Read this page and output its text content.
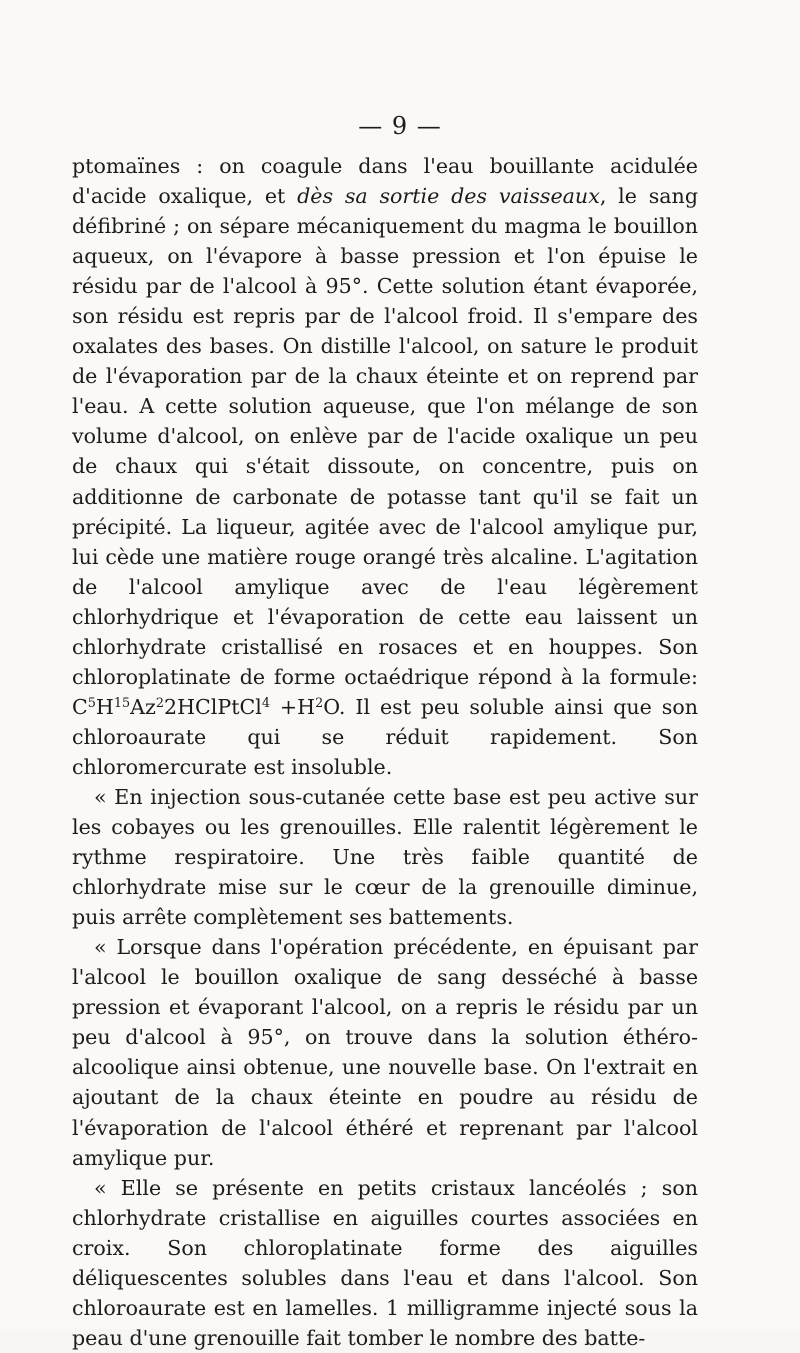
— 9 —

ptomaïnes : on coagule dans l'eau bouillante acidulée d'acide oxalique, et dès sa sortie des vaisseaux, le sang défibriné ; on sépare mécaniquement du magma le bouillon aqueux, on l'évapore à basse pression et l'on épuise le résidu par de l'alcool à 95°. Cette solution étant évaporée, son résidu est repris par de l'alcool froid. Il s'empare des oxalates des bases. On distille l'alcool, on sature le produit de l'évaporation par de la chaux éteinte et on reprend par l'eau. A cette solution aqueuse, que l'on mélange de son volume d'alcool, on enlève par de l'acide oxalique un peu de chaux qui s'était dissoute, on concentre, puis on additionne de carbonate de potasse tant qu'il se fait un précipité. La liqueur, agitée avec de l'alcool amylique pur, lui cède une matière rouge orangé très alcaline. L'agitation de l'alcool amylique avec de l'eau légèrement chlorhydrique et l'évaporation de cette eau laissent un chlorhydrate cristallisé en rosaces et en houppes. Son chloroplatinate de forme octaédrique répond à la formule: $C^5H^{15}Az^22HClPtCl^4 +H^2O$. Il est peu soluble ainsi que son chloroaurate qui se réduit rapidement. Son chloromercurate est insoluble.

« En injection sous-cutanée cette base est peu active sur les cobayes ou les grenouilles. Elle ralentit légèrement le rythme respiratoire. Une très faible quantité de chlorhydrate mise sur le cœur de la grenouille diminue, puis arrête complètement ses battements.

« Lorsque dans l'opération précédente, en épuisant par l'alcool le bouillon oxalique de sang desséché à basse pression et évaporant l'alcool, on a repris le résidu par un peu d'alcool à 95°, on trouve dans la solution éthéro-alcoolique ainsi obtenue, une nouvelle base. On l'extrait en ajoutant de la chaux éteinte en poudre au résidu de l'évaporation de l'alcool éthéré et reprenant par l'alcool amylique pur.

« Elle se présente en petits cristaux lancéolés ; son chlorhydrate cristallise en aiguilles courtes associées en croix. Son chloroplatinate forme des aiguilles déliquescentes solubles dans l'eau et dans l'alcool. Son chloroaurate est en lamelles. 1 milligramme injecté sous la peau d'une grenouille fait tomber le nombre des batte-
